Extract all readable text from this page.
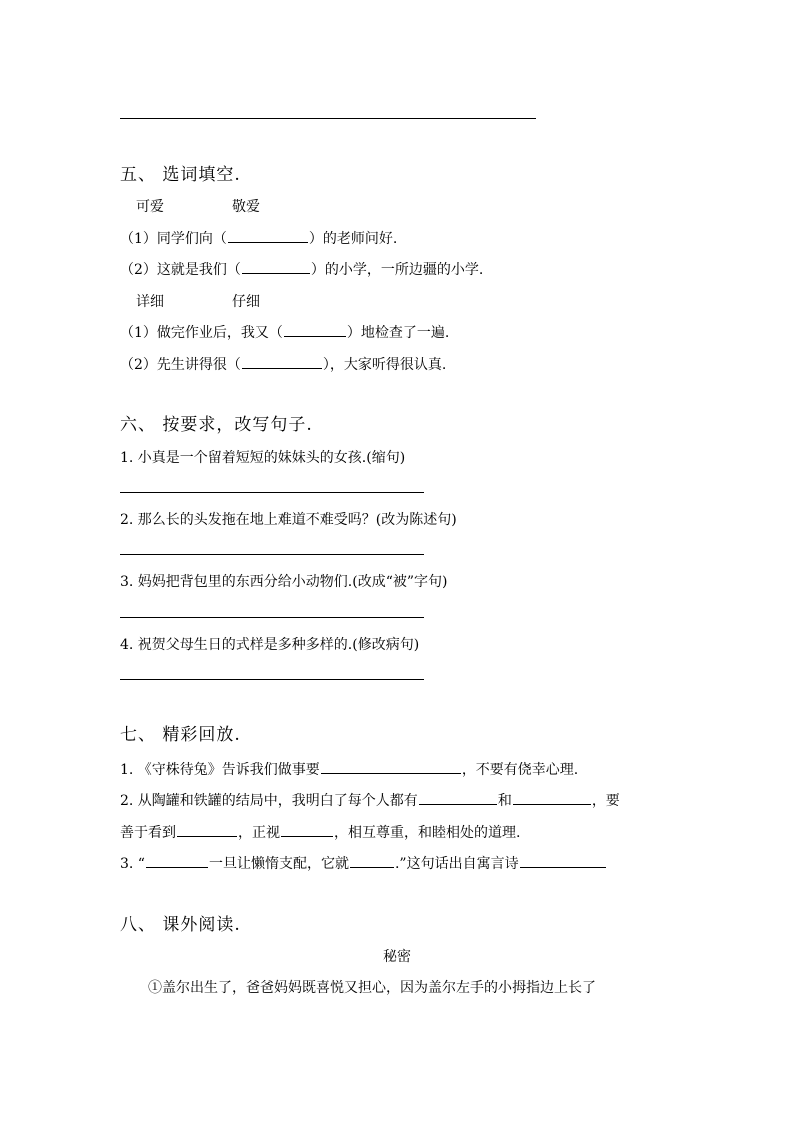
五、 选词填空.
可爱	敬爱
（1）同学们向（	）的老师问好.
（2）这就是我们（	）的小学，一所边疆的小学.
详细	仔细
（1）做完作业后，我又（	）地检查了一遍.
（2）先生讲得很（	），大家听得很认真.
六、 按要求，改写句子.
1. 小真是一个留着短短的妹妹头的女孩.(缩句)
2. 那么长的头发拖在地上难道不难受吗？(改为陈述句)
3. 妈妈把背包里的东西分给小动物们.(改成“被”字句)
4. 祝贺父母生日的式样是多种多样的.(修改病句)
七、 精彩回放.
1. 《守株待兔》告诉我们做事要	，不要有侥幸心理.
2. 从陶罐和铁罐的结局中，我明白了每个人都有	和	，要
善于看到	，正视	，相互尊重，和睦相处的道理.
3. “	一旦让懒惰支配，它就	.”这句话出自寓言诗
八、 课外阅读.
秘密
①盖尔出生了，爸爸妈妈既喜悦又担心，因为盖尔左手的小拇指边上长了
